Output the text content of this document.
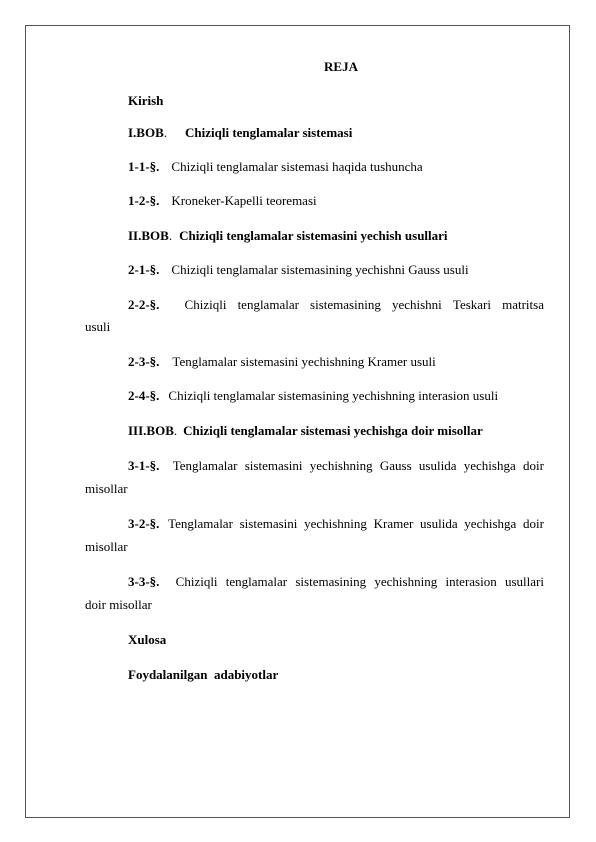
REJA
Kirish
I.BOB. Chiziqli tenglamalar sistemasi
1-1-§. Chiziqli tenglamalar sistemasi haqida tushuncha
1-2-§. Kroneker-Kapelli teoremasi
II.BOB. Chiziqli tenglamalar sistemasini yechish usullari
2-1-§. Chiziqli tenglamalar sistemasining yechishni Gauss usuli
2-2-§. Chiziqli tenglamalar sistemasining yechishni Teskari matritsa
usuli
2-3-§. Tenglamalar sistemasini yechishning Kramer usuli
2-4-§. Chiziqli tenglamalar sistemasining yechishning interasion usuli
III.BOB. Chiziqli tenglamalar sistemasi yechishga doir misollar
3-1-§. Tenglamalar sistemasini yechishning Gauss usulida yechishga doir
misollar
3-2-§. Tenglamalar sistemasini yechishning Kramer usulida yechishga doir
misollar
3-3-§. Chiziqli tenglamalar sistemasining yechishning interasion usullari
doir misollar
Xulosa
Foydalanilgan  adabiyotlar
